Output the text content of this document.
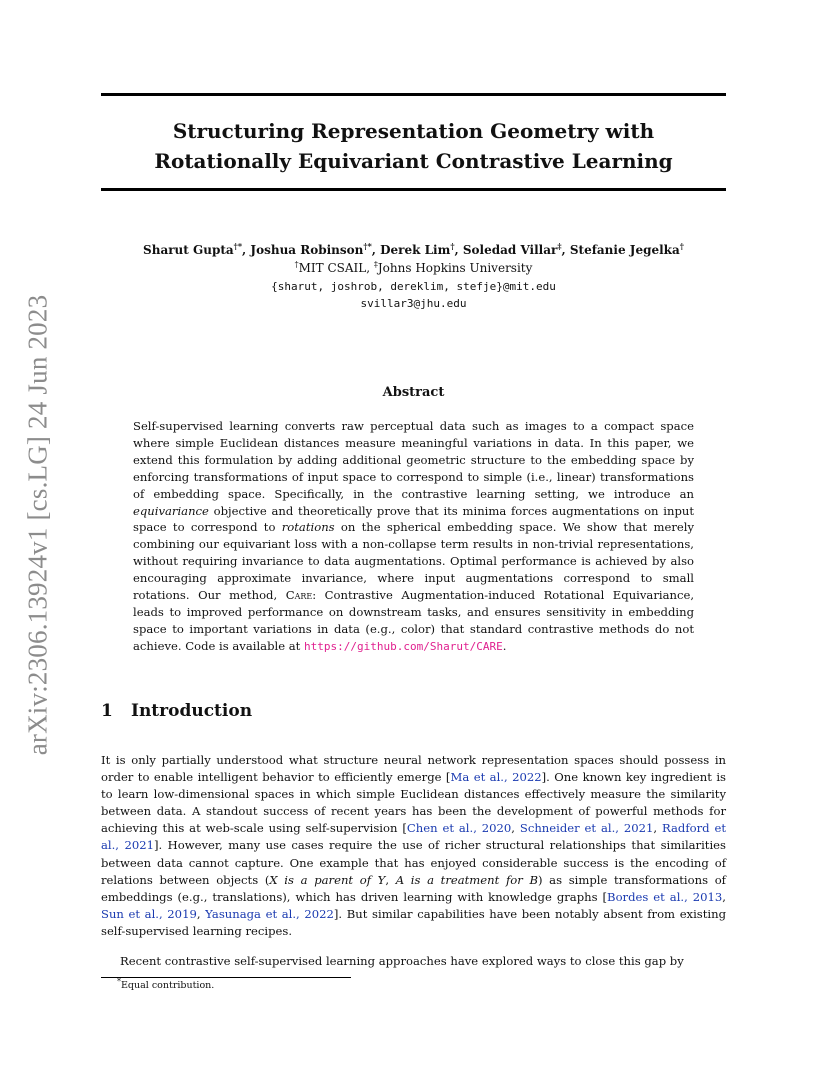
arXiv:2306.13924v1 [cs.LG] 24 Jun 2023
Structuring Representation Geometry with
Rotationally Equivariant Contrastive Learning
Sharut Gupta†*, Joshua Robinson†*, Derek Lim†, Soledad Villar‡, Stefanie Jegelka†
†MIT CSAIL, ‡Johns Hopkins University
{sharut, joshrob, dereklim, stefje}@mit.edu
svillar3@jhu.edu
Abstract

Self-supervised learning converts raw perceptual data such as images to a compact space where simple Euclidean distances measure meaningful variations in data. In this paper, we extend this formulation by adding additional geometric structure to the embedding space by enforcing transformations of input space to correspond to simple (i.e., linear) transformations of embedding space. Specifically, in the contrastive learning setting, we introduce an equivariance objective and theoretically prove that its minima forces augmentations on input space to correspond to rotations on the spherical embedding space. We show that merely combining our equivariant loss with a non-collapse term results in non-trivial representations, without requiring invariance to data augmentations. Optimal performance is achieved by also encouraging approximate invariance, where input augmentations correspond to small rotations. Our method, Care: Contrastive Augmentation-induced Rotational Equivariance, leads to improved performance on downstream tasks, and ensures sensitivity in embedding space to important variations in data (e.g., color) that standard contrastive methods do not achieve. Code is available at https://github.com/Sharut/CARE.

1 Introduction

It is only partially understood what structure neural network representation spaces should possess in order to enable intelligent behavior to efficiently emerge [Ma et al., 2022]. One known key ingredient is to learn low-dimensional spaces in which simple Euclidean distances effectively measure the similarity between data. A standout success of recent years has been the development of powerful methods for achieving this at web-scale using self-supervision [Chen et al., 2020, Schneider et al., 2021, Radford et al., 2021]. However, many use cases require the use of richer structural relationships that similarities between data cannot capture. One example that has enjoyed considerable success is the encoding of relations between objects (X is a parent of Y, A is a treatment for B) as simple transformations of embeddings (e.g., translations), which has driven learning with knowledge graphs [Bordes et al., 2013, Sun et al., 2019, Yasunaga et al., 2022]. But similar capabilities have been notably absent from existing self-supervised learning recipes.

Recent contrastive self-supervised learning approaches have explored ways to close this gap by

*Equal contribution.
